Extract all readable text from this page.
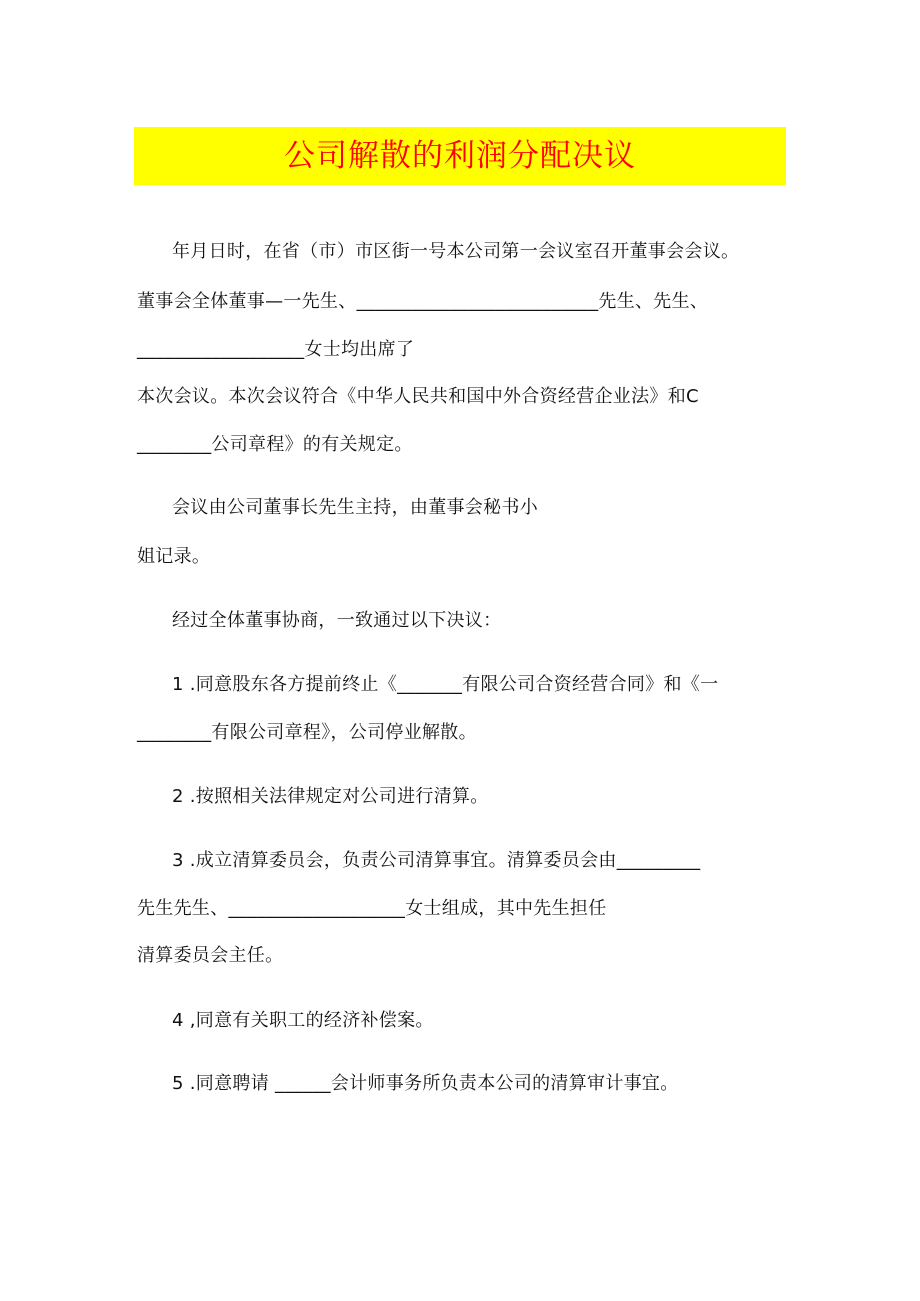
公司解散的利润分配决议
年月日时，在省（市）市区街一号本公司第一会议室召开董事会会议。
董事会全体董事—一先生、__________________________先生、先生、
__________________女士均出席了
本次会议。本次会议符合《中华人民共和国中外合资经营企业法》和C
________公司章程》的有关规定。
会议由公司董事长先生主持，由董事会秘书小
姐记录。
经过全体董事协商，一致通过以下决议：
1 .同意股东各方提前终止《_______有限公司合资经营合同》和《一
________有限公司章程》，公司停业解散。
2 .按照相关法律规定对公司进行清算。
3 .成立清算委员会，负责公司清算事宜。清算委员会由_________
先生先生、___________________女士组成，其中先生担任
清算委员会主任。
4 ,同意有关职工的经济补偿案。
5 .同意聘请 ______会计师事务所负责本公司的清算审计事宜。
